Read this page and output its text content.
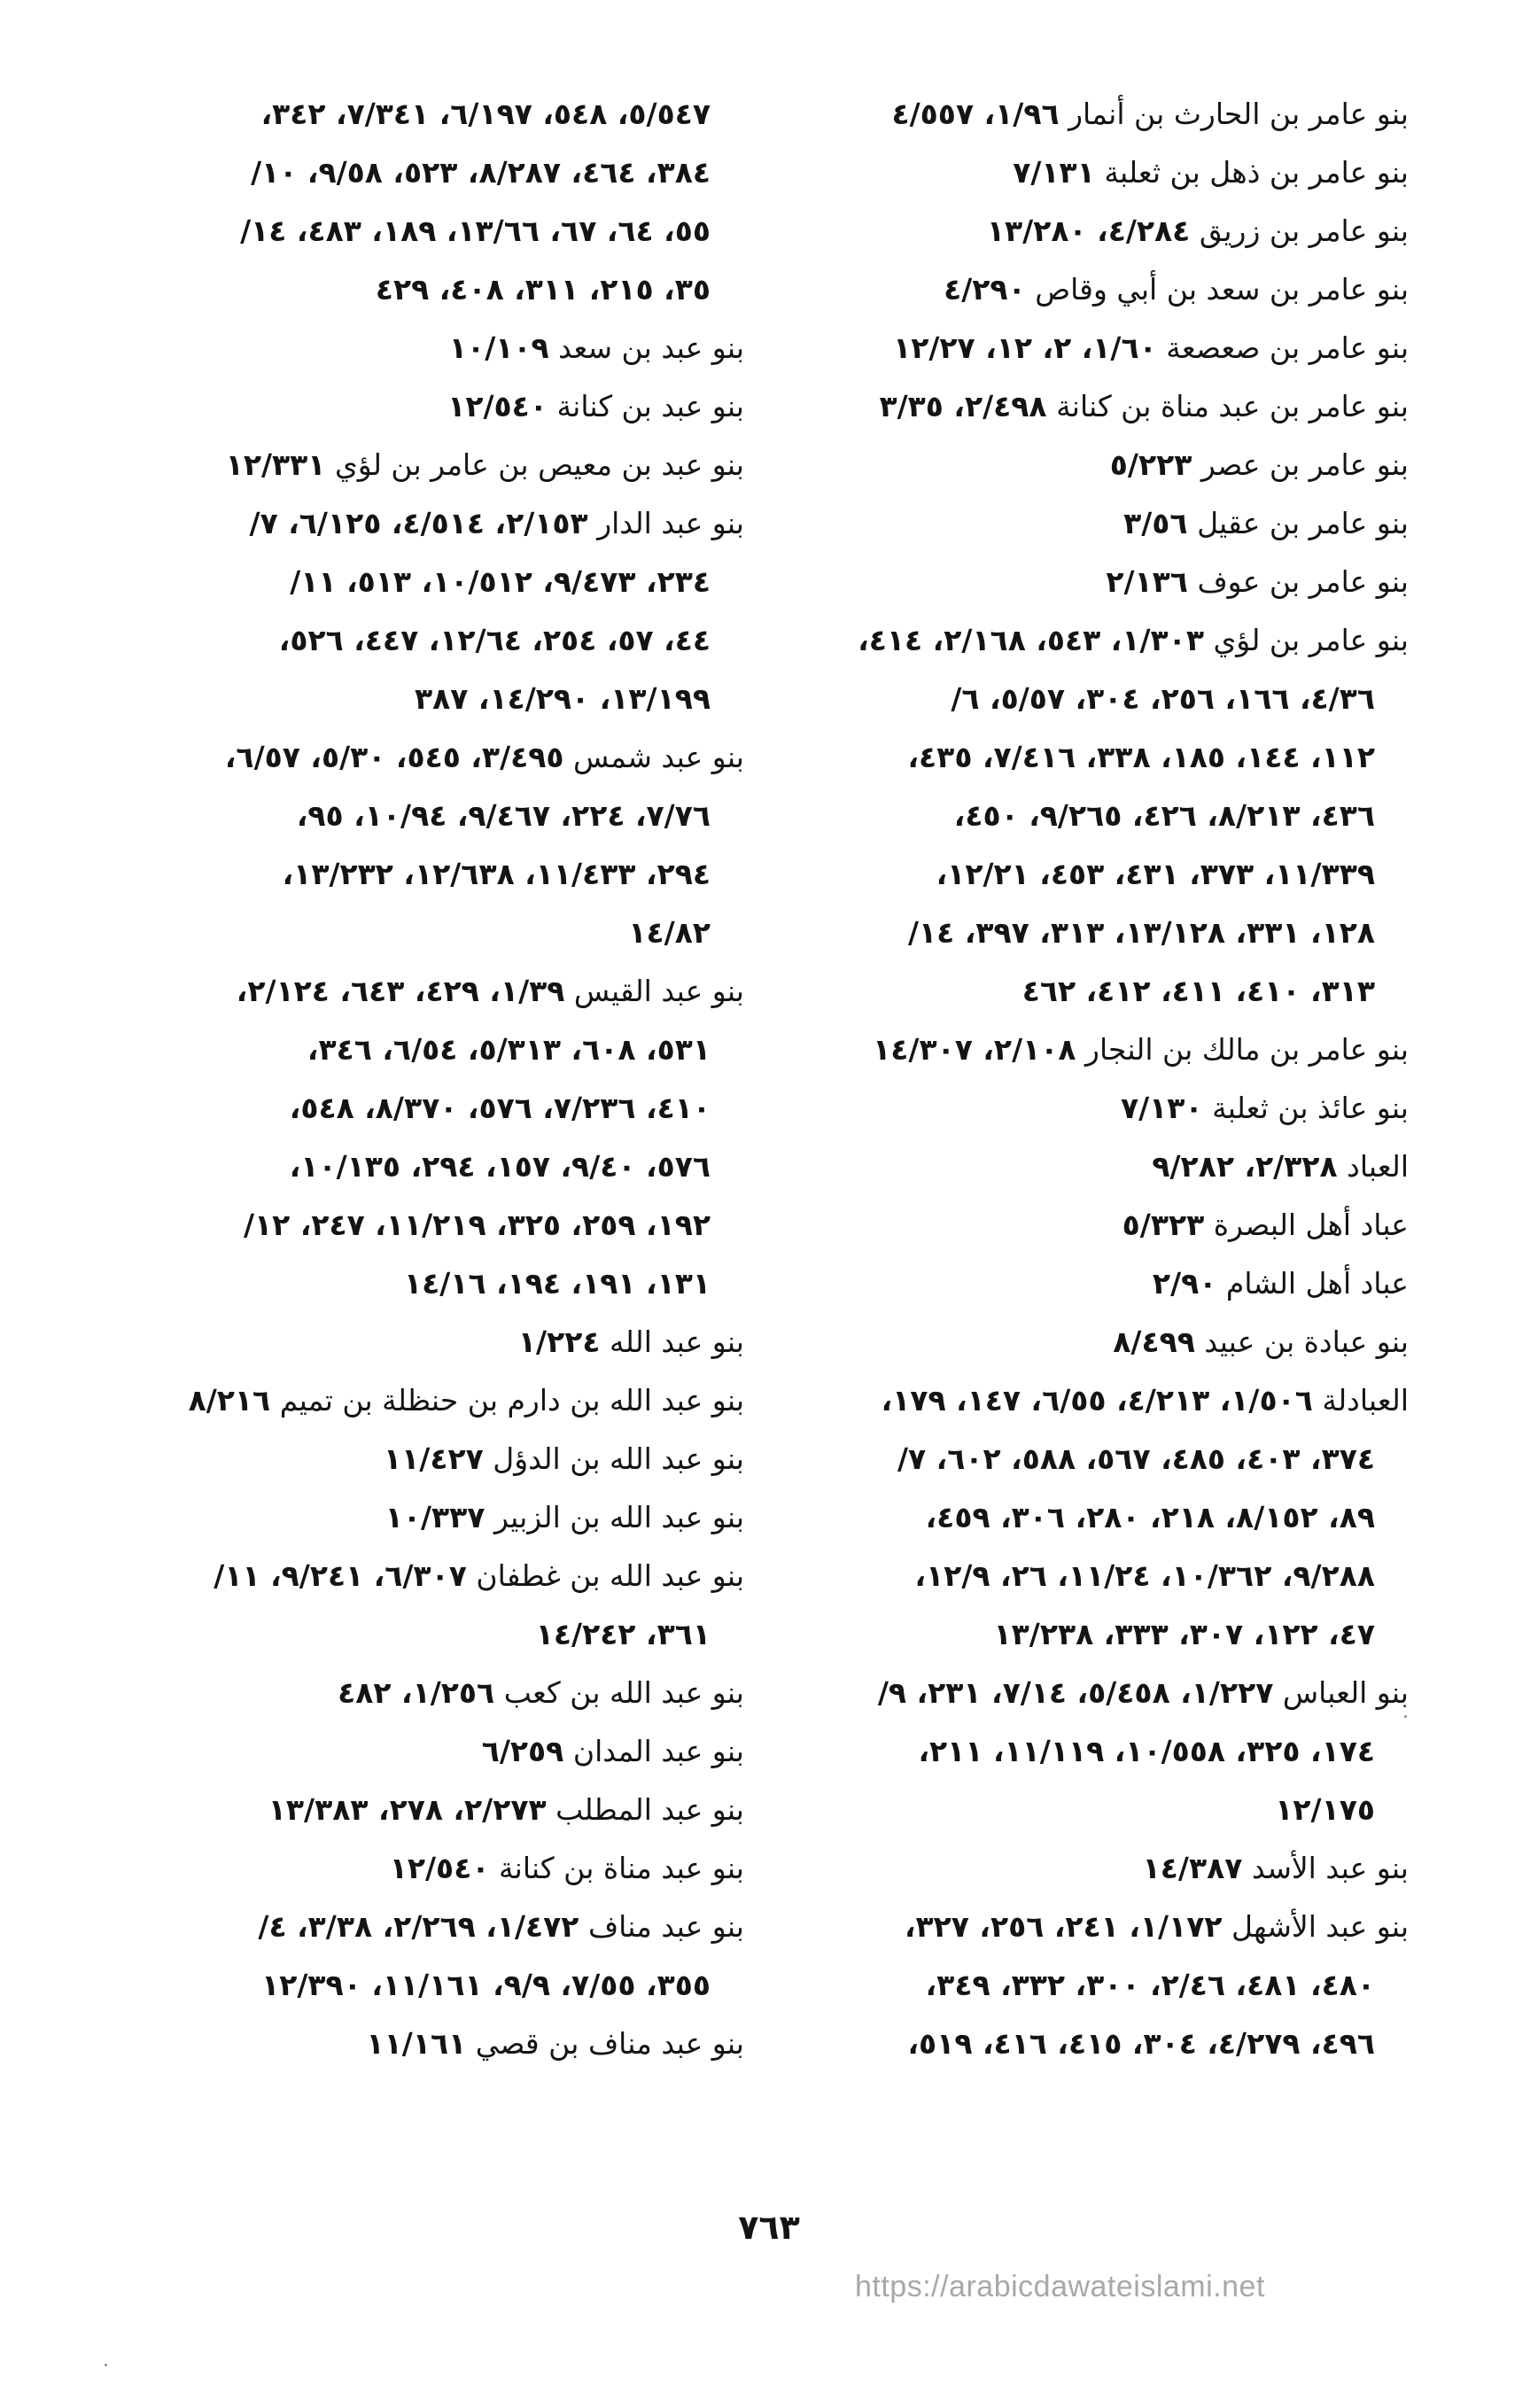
بنو عامر بن الحارث بن أنمار ١/٩٦، ٤/٥٥٧
بنو عامر بن ذهل بن ثعلبة ٧/١٣١
بنو عامر بن زريق ٤/٢٨٤، ١٣/٢٨٠
بنو عامر بن سعد بن أبي وقاص ٤/٢٩٠
بنو عامر بن صعصعة ١/٦٠، ٢، ١٢، ١٢/٢٧
بنو عامر بن عبد مناة بن كنانة ٢/٤٩٨، ٣/٣٥
بنو عامر بن عصر ٥/٢٢٣
بنو عامر بن عقيل ٣/٥٦
بنو عامر بن عوف ٢/١٣٦
بنو عامر بن لؤي ١/٣٠٣، ٥٤٣، ٢/١٦٨، ٤١٤،
٤/٣٦، ١٦٦، ٢٥٦، ٣٠٤، ٥/٥٧، ٦/
١١٢، ١٤٤، ١٨٥، ٣٣٨، ٧/٤١٦، ٤٣٥،
٤٣٦، ٨/٢١٣، ٤٢٦، ٩/٢٦٥، ٤٥٠،
١١/٣٣٩، ٣٧٣، ٤٣١، ٤٥٣، ١٢/٢١،
١٢٨، ٣٣١، ١٣/١٢٨، ٣١٣، ٣٩٧، ١٤/
٣١٣، ٤١٠، ٤١١، ٤١٢، ٤٦٢
بنو عامر بن مالك بن النجار ٢/١٠٨، ١٤/٣٠٧
بنو عائذ بن ثعلبة ٧/١٣٠
العباد ٢/٣٢٨، ٩/٢٨٢
عباد أهل البصرة ٥/٣٢٣
عباد أهل الشام ٢/٩٠
بنو عبادة بن عبيد ٨/٤٩٩
العبادلة ١/٥٠٦، ٤/٢١٣، ٦/٥٥، ١٤٧، ١٧٩،
٣٧٤، ٤٠٣، ٤٨٥، ٥٦٧، ٥٨٨، ٦٠٢، ٧/
٨٩، ٨/١٥٢، ٢١٨، ٢٨٠، ٣٠٦، ٤٥٩،
٩/٢٨٨، ١٠/٣٦٢، ١١/٢٤، ٢٦، ١٢/٩،
٤٧، ١٢٢، ٣٠٧، ٣٣٣، ١٣/٢٣٨
بنو العباس ١/٢٢٧، ٥/٤٥٨، ٧/١٤، ٢٣١، ٩/
١٧٤، ٣٢٥، ١٠/٥٥٨، ١١/١١٩، ٢١١،
١٢/١٧٥
بنو عبد الأسد ١٤/٣٨٧
بنو عبد الأشهل ١/١٧٢، ٢٤١، ٢٥٦، ٣٢٧،
٤٨٠، ٤٨١، ٢/٤٦، ٣٠٠، ٣٣٢، ٣٤٩،
٤٩٦، ٤/٢٧٩، ٣٠٤، ٤١٥، ٤١٦، ٥١٩،
٥/٥٤٧، ٥٤٨، ٦/١٩٧، ٧/٣٤١، ٣٤٢،
٣٨٤، ٤٦٤، ٨/٢٨٧، ٥٢٣، ٩/٥٨، ١٠/
٥٥، ٦٤، ٦٧، ١٣/٦٦، ١٨٩، ٤٨٣، ١٤/
٣٥، ٢١٥، ٣١١، ٤٠٨، ٤٢٩
بنو عبد بن سعد ١٠/١٠٩
بنو عبد بن كنانة ١٢/٥٤٠
بنو عبد بن معيص بن عامر بن لؤي ١٢/٣٣١
بنو عبد الدار ٢/١٥٣، ٤/٥١٤، ٦/١٢٥، ٧/
٢٣٤، ٩/٤٧٣، ١٠/٥١٢، ٥١٣، ١١/
٤٤، ٥٧، ٢٥٤، ١٢/٦٤، ٤٤٧، ٥٢٦،
١٣/١٩٩، ١٤/٢٩٠، ٣٨٧
بنو عبد شمس ٣/٤٩٥، ٥٤٥، ٥/٣٠، ٦/٥٧،
٧/٧٦، ٢٢٤، ٩/٤٦٧، ١٠/٩٤، ٩٥،
٢٩٤، ١١/٤٣٣، ١٢/٦٣٨، ١٣/٢٣٢،
١٤/٨٢
بنو عبد القيس ١/٣٩، ٤٢٩، ٦٤٣، ٢/١٢٤،
٥٣١، ٦٠٨، ٥/٣١٣، ٦/٥٤، ٣٤٦،
٤١٠، ٧/٢٣٦، ٥٧٦، ٨/٣٧٠، ٥٤٨،
٥٧٦، ٩/٤٠، ١٥٧، ٢٩٤، ١٠/١٣٥،
١٩٢، ٢٥٩، ٣٢٥، ١١/٢١٩، ٢٤٧، ١٢/
١٣١، ١٩١، ١٩٤، ١٤/١٦
بنو عبد الله ١/٢٢٤
بنو عبد الله بن دارم بن حنظلة بن تميم ٨/٢١٦
بنو عبد الله بن الدؤل ١١/٤٢٧
بنو عبد الله بن الزبير ١٠/٣٣٧
بنو عبد الله بن غطفان ٦/٣٠٧، ٩/٢٤١، ١١/
٣٦١، ١٤/٢٤٢
بنو عبد الله بن كعب ١/٢٥٦، ٤٨٢
بنو عبد المدان ٦/٢٥٩
بنو عبد المطلب ٢/٢٧٣، ٢٧٨، ١٣/٣٨٣
بنو عبد مناة بن كنانة ١٢/٥٤٠
بنو عبد مناف ١/٤٧٢، ٢/٢٦٩، ٣/٣٨، ٤/
٣٥٥، ٧/٥٥، ٩/٩، ١١/١٦١، ١٢/٣٩٠
بنو عبد مناف بن قصي ١١/١٦١
٧٦٣
https://arabicdawateislami.net
